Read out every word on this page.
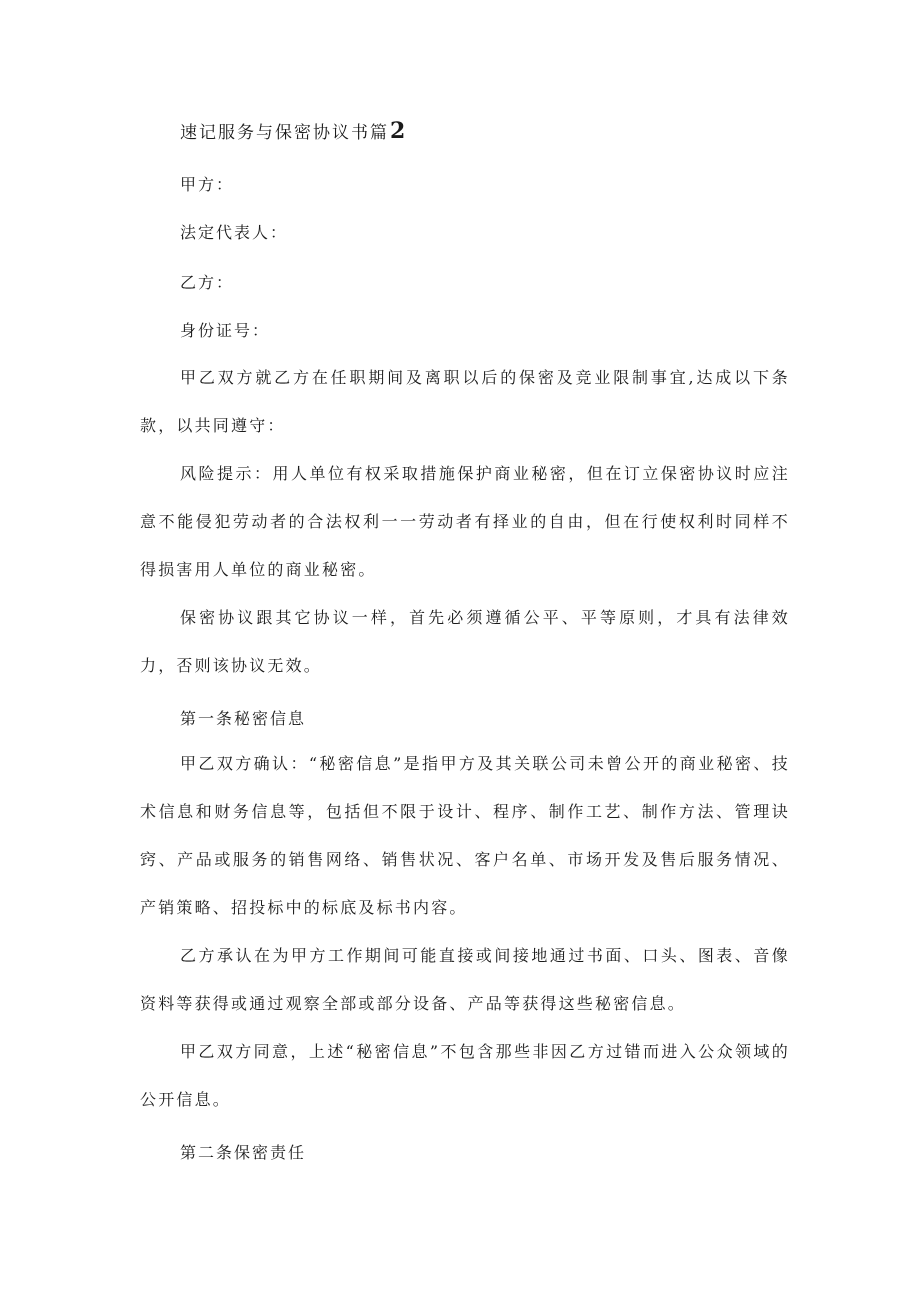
速记服务与保密协议书篇2
甲方：
法定代表人：
乙方：
身份证号：
甲乙双方就乙方在任职期间及离职以后的保密及竞业限制事宜,达成以下条款，以共同遵守：
风险提示：用人单位有权采取措施保护商业秘密，但在订立保密协议时应注意不能侵犯劳动者的合法权利一一劳动者有择业的自由，但在行使权利时同样不得损害用人单位的商业秘密。
保密协议跟其它协议一样，首先必须遵循公平、平等原则，才具有法律效力，否则该协议无效。
第一条秘密信息
甲乙双方确认：“秘密信息”是指甲方及其关联公司未曾公开的商业秘密、技术信息和财务信息等，包括但不限于设计、程序、制作工艺、制作方法、管理诀窍、产品或服务的销售网络、销售状况、客户名单、市场开发及售后服务情况、产销策略、招投标中的标底及标书内容。
乙方承认在为甲方工作期间可能直接或间接地通过书面、口头、图表、音像资料等获得或通过观察全部或部分设备、产品等获得这些秘密信息。
甲乙双方同意，上述“秘密信息”不包含那些非因乙方过错而进入公众领域的公开信息。
第二条保密责任
